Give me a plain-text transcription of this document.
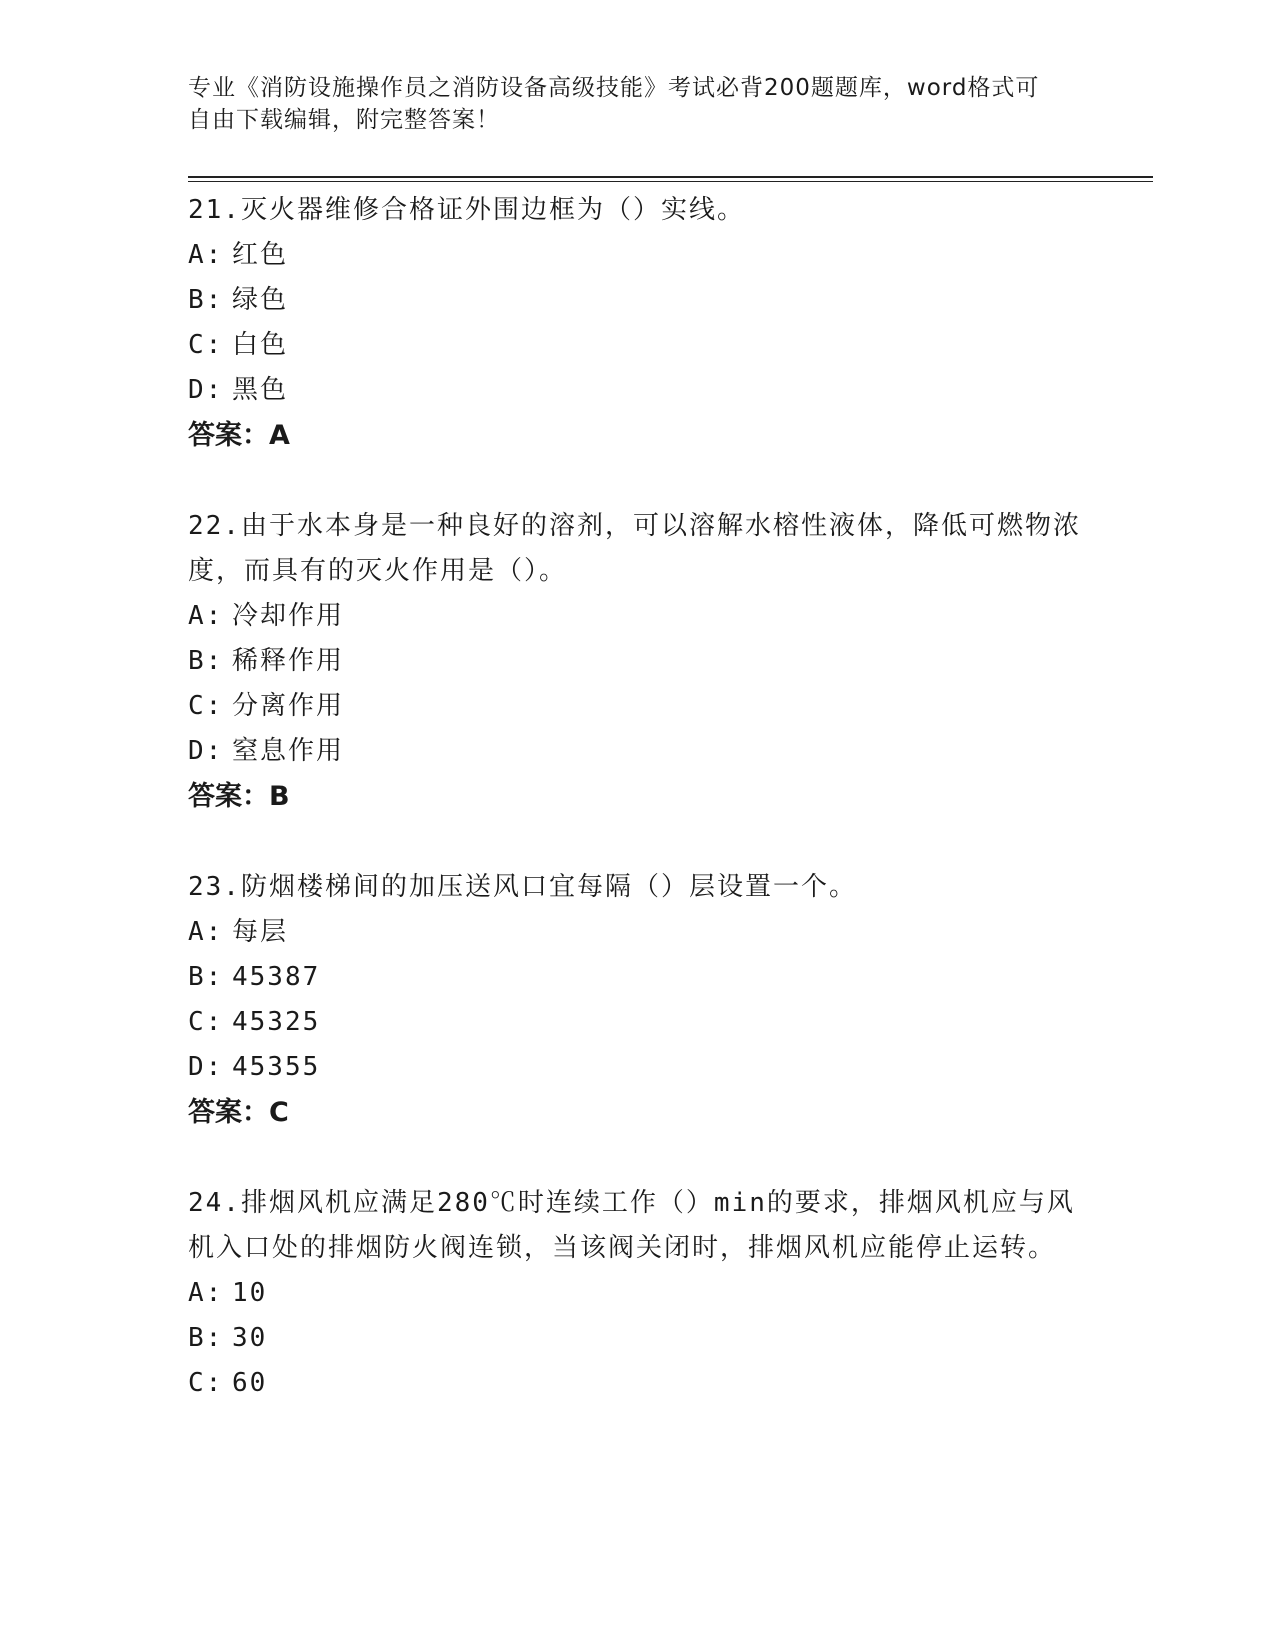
专业《消防设施操作员之消防设备高级技能》考试必背200题题库，word格式可
自由下载编辑，附完整答案！

21.灭火器维修合格证外围边框为（）实线。

A: 红色
B: 绿色
C: 白色
D: 黑色

答案：A

22.由于水本身是一种良好的溶剂，可以溶解水榕性液体，降低可燃物浓度，而具有的灭火作用是（）。

A: 冷却作用
B: 稀释作用
C: 分离作用
D: 窒息作用

答案：B

23.防烟楼梯间的加压送风口宜每隔（）层设置一个。

A: 每层
B: 45387
C: 45325
D: 45355

答案：C

24.排烟风机应满足280℃时连续工作（）min的要求，排烟风机应与风机入口处的排烟防火阀连锁，当该阀关闭时，排烟风机应能停止运转。

A: 10
B: 30
C: 60
